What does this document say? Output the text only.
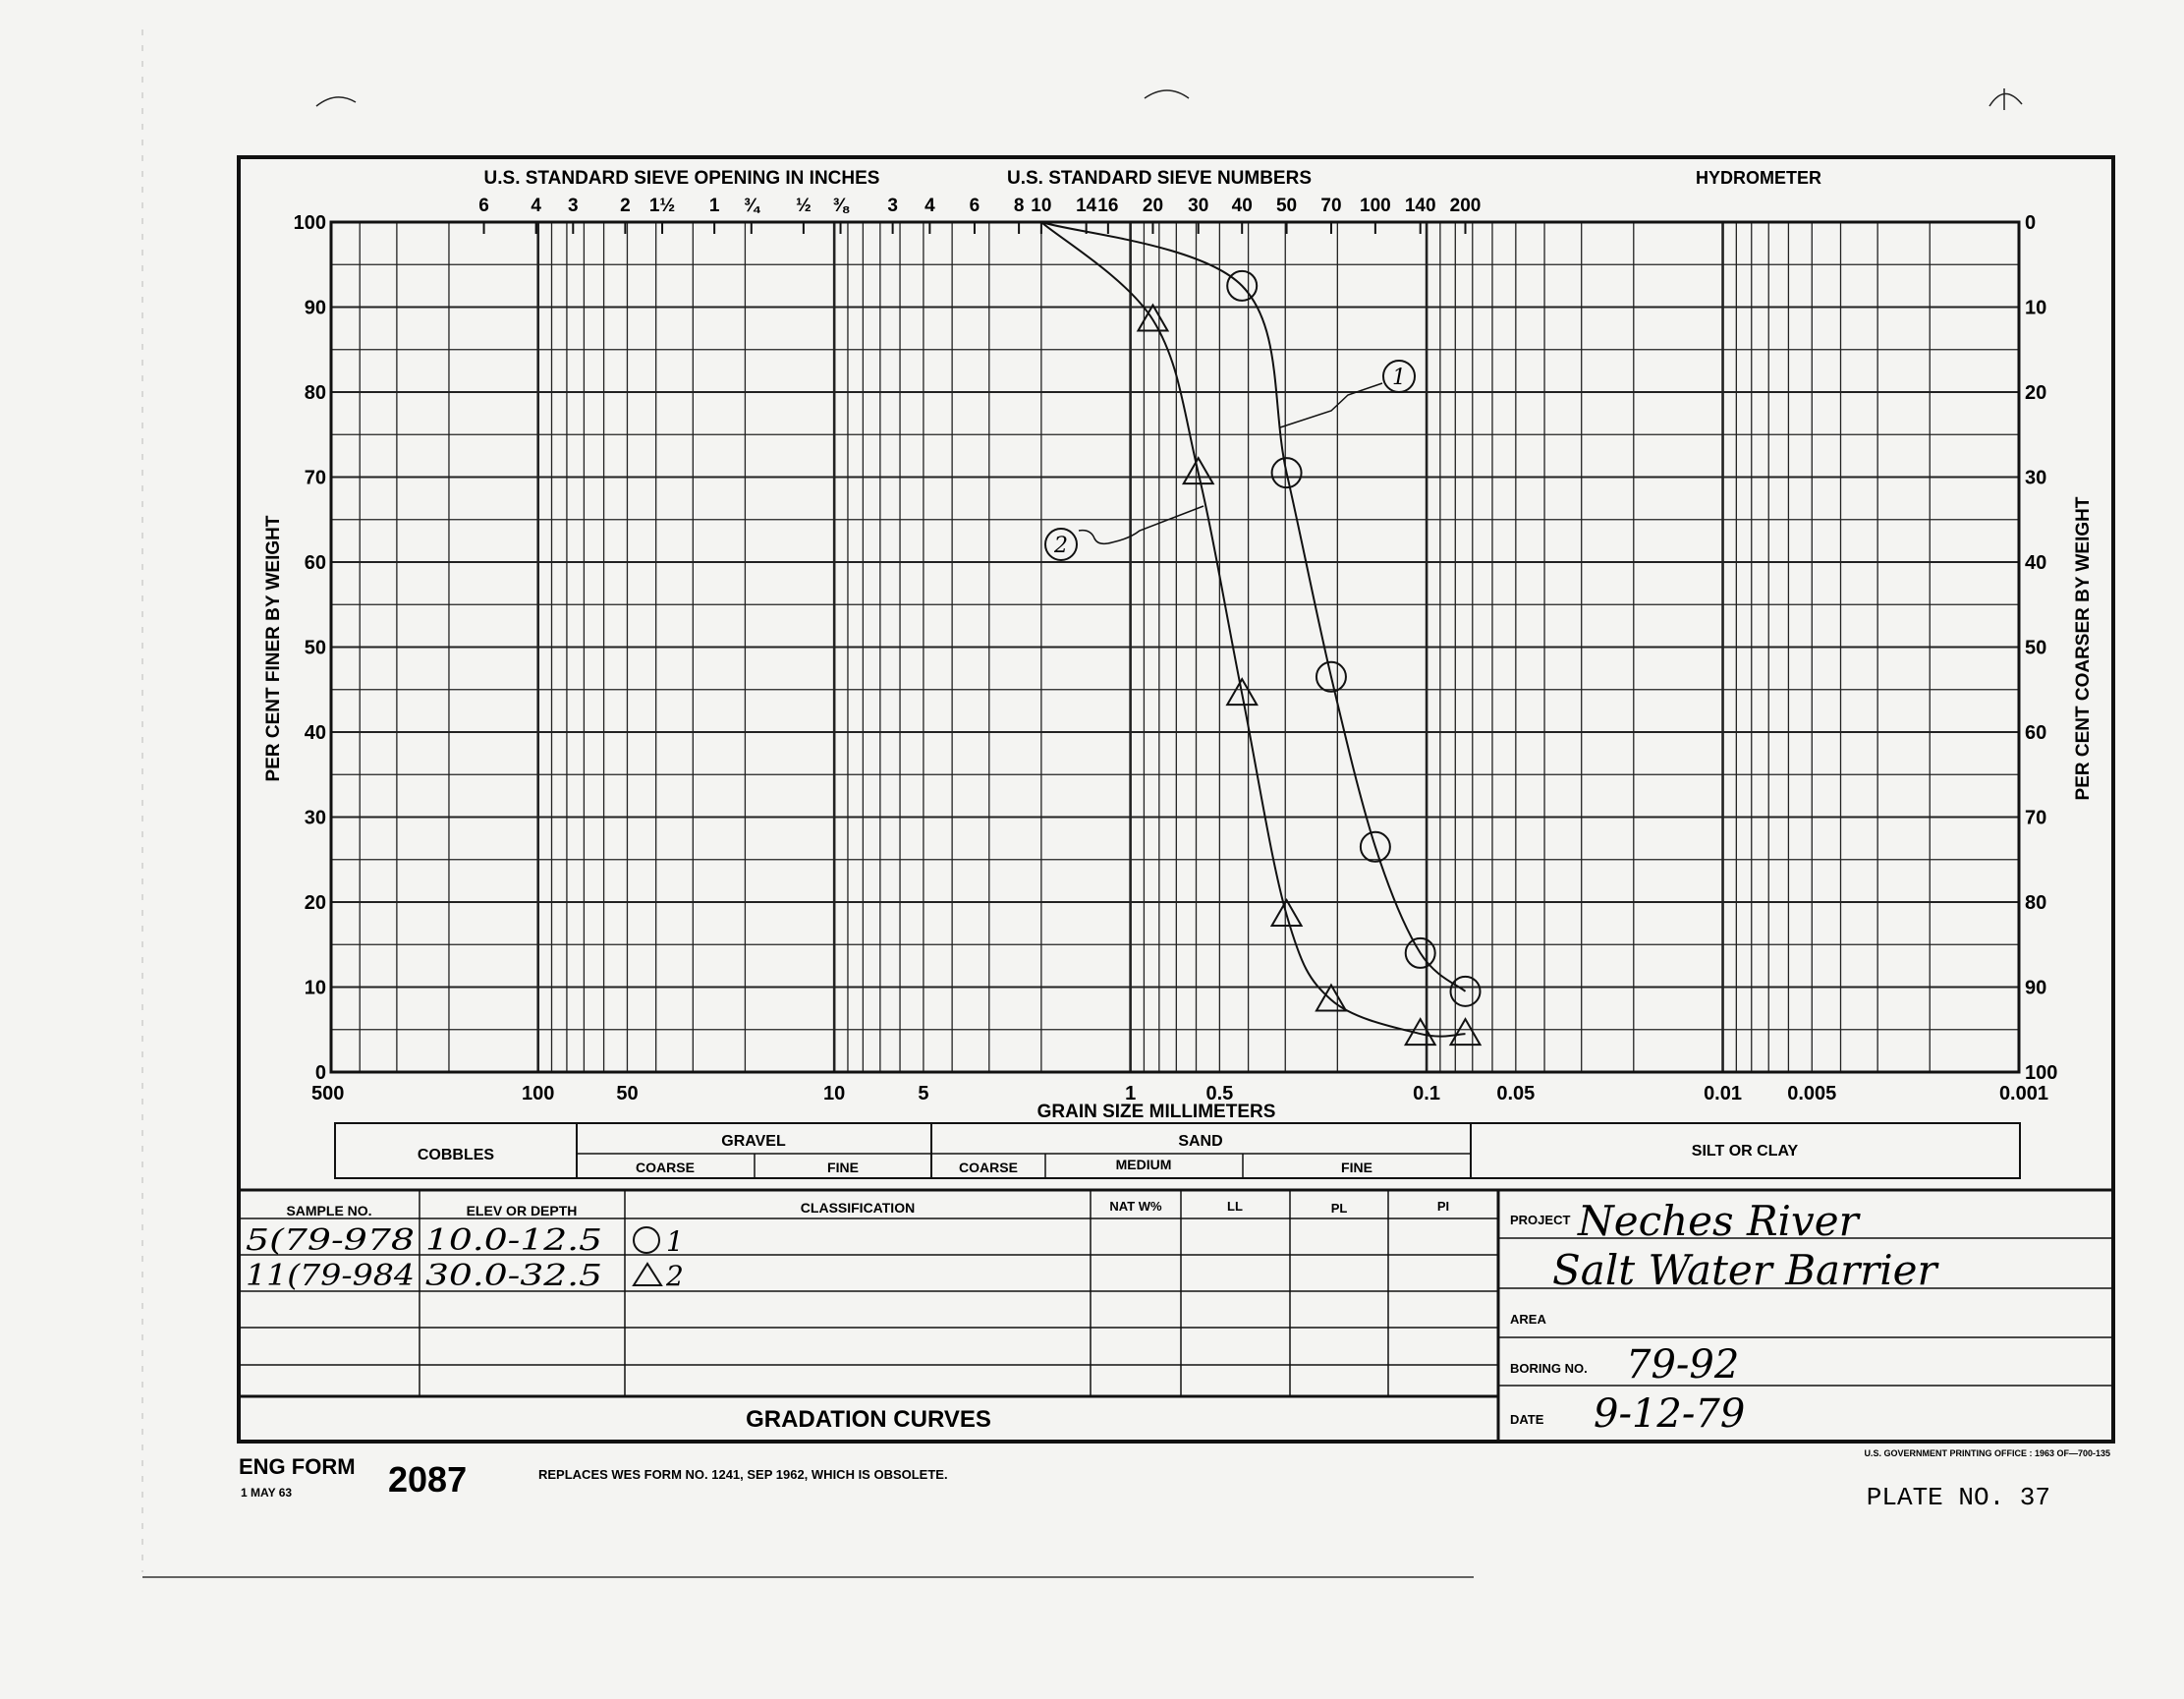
U.S. STANDARD SIEVE OPENING IN INCHES	U.S. STANDARD SIEVE NUMBERS	HYDROMETER
6 4 3 2 1½ 1 ¾ ½ ⅜ 3 4 6 8 10 14 16 20 30 40 50 70 100 140 200
0
10
20
30
40
50
60
70
80
90
100
100
90
80
70
60
50
40
30
20
10
0
500	100	50	10	5	1	0.5	0.1	0.05	0.01 0.005	0.001
PER CENT FINER BY WEIGHT	PER CENT COARSER BY WEIGHT
GRAIN SIZE MILLIMETERS
1
2
COBBLES
GRAVEL
COARSE	FINE
SAND
COARSE	MEDIUM	FINE
SILT OR CLAY
SAMPLE NO.	ELEV OR DEPTH	CLASSIFICATION	NAT W%	LL	PL	PI
5(79-978 10.0-12.5 1
11(79-984 30.0-32.5 2
GRADATION CURVES
PROJECT Neches River
Salt Water Barrier
AREA
BORING NO. 79-92
DATE 9-12-79
ENG FORM
1 MAY 63	2087	REPLACES WES FORM NO. 1241, SEP 1962, WHICH IS OBSOLETE.
U.S. GOVERNMENT PRINTING OFFICE : 1963 OF—700-135
PLATE NO. 37
